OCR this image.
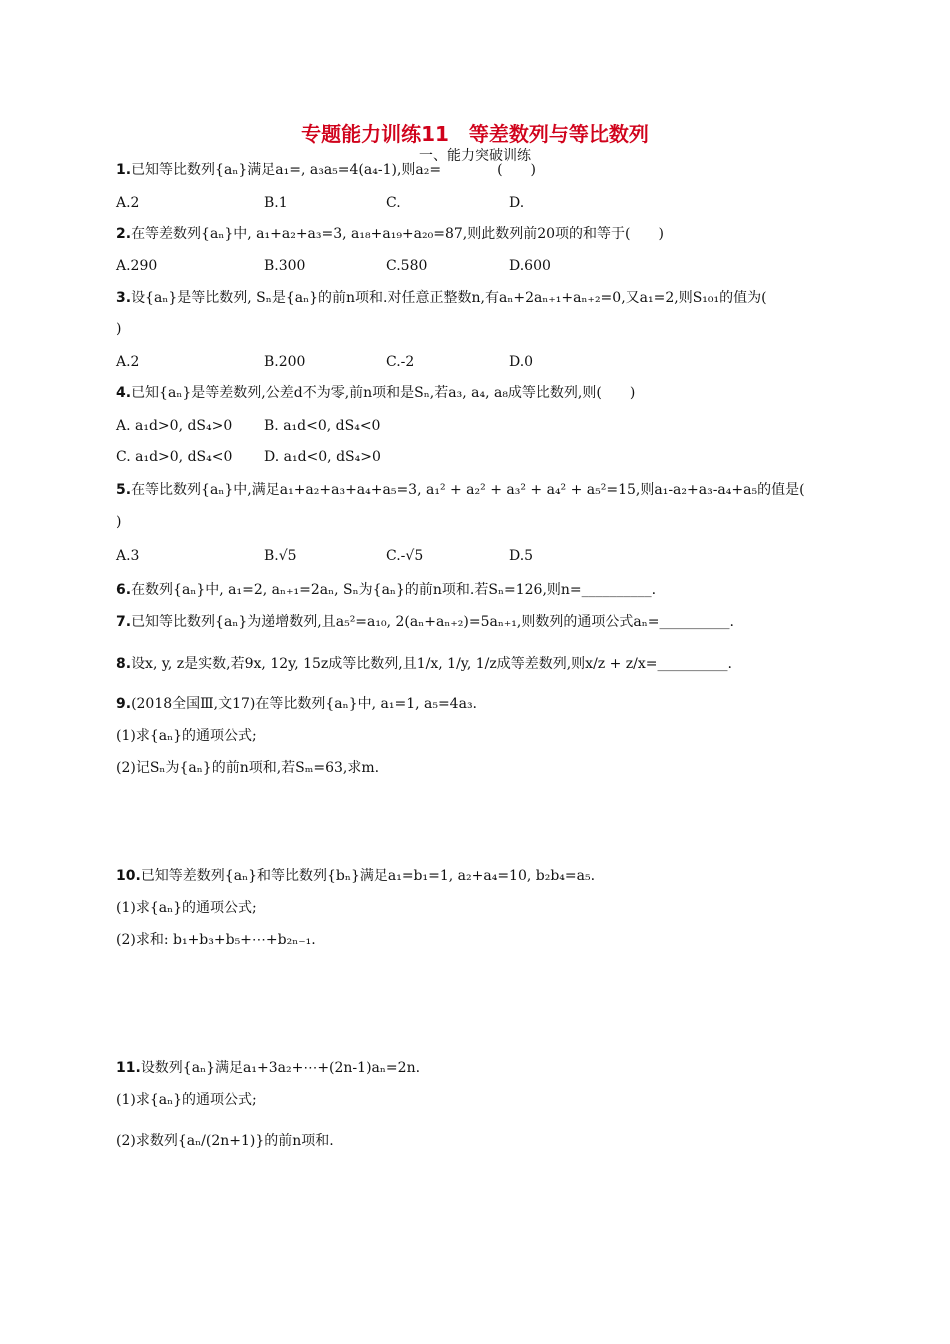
专题能力训练11　等差数列与等比数列
一、能力突破训练
1.已知等比数列{aₙ}满足a₁=, a₃a₅=4(a₄-1),则a₂=　　　　(　　)
A.2	B.1	C.	D.
2.在等差数列{aₙ}中, a₁+a₂+a₃=3, a₁₈+a₁₉+a₂₀=87,则此数列前20项的和等于(　　)
A.290	B.300	C.580	D.600
3.设{aₙ}是等比数列, Sₙ是{aₙ}的前n项和.对任意正整数n,有aₙ+2aₙ₊₁+aₙ₊₂=0,又a₁=2,则S₁₀₁的值为(
)
A.2	B.200	C.-2	D.0
4.已知{aₙ}是等差数列,公差d不为零,前n项和是Sₙ,若a₃, a₄, a₈成等比数列,则(　　)
A. a₁d>0, dS₄>0 B. a₁d<0, dS₄<0
C. a₁d>0, dS₄<0 D. a₁d<0, dS₄>0
5.在等比数列{aₙ}中,满足a₁+a₂+a₃+a₄+a₅=3, a₁² + a₂² + a₃² + a₄² + a₅²=15,则a₁-a₂+a₃-a₄+a₅的值是(
)
A.3	B.√5	C.-√5	D.5
6.在数列{aₙ}中, a₁=2, aₙ₊₁=2aₙ, Sₙ为{aₙ}的前n项和.若Sₙ=126,则n=__________.
7.已知等比数列{aₙ}为递增数列,且a₅²=a₁₀, 2(aₙ+aₙ₊₂)=5aₙ₊₁,则数列的通项公式aₙ=__________.
8.设x, y, z是实数,若9x, 12y, 15z成等比数列,且1/x, 1/y, 1/z成等差数列,则x/z + z/x=__________.
9.(2018全国Ⅲ,文17)在等比数列{aₙ}中, a₁=1, a₅=4a₃.
(1)求{aₙ}的通项公式;
(2)记Sₙ为{aₙ}的前n项和,若Sₘ=63,求m.
10.已知等差数列{aₙ}和等比数列{bₙ}满足a₁=b₁=1, a₂+a₄=10, b₂b₄=a₅.
(1)求{aₙ}的通项公式;
(2)求和: b₁+b₃+b₅+⋯+b₂ₙ₋₁.
11.设数列{aₙ}满足a₁+3a₂+⋯+(2n-1)aₙ=2n.
(1)求{aₙ}的通项公式;
(2)求数列{aₙ/(2n+1)}的前n项和.
